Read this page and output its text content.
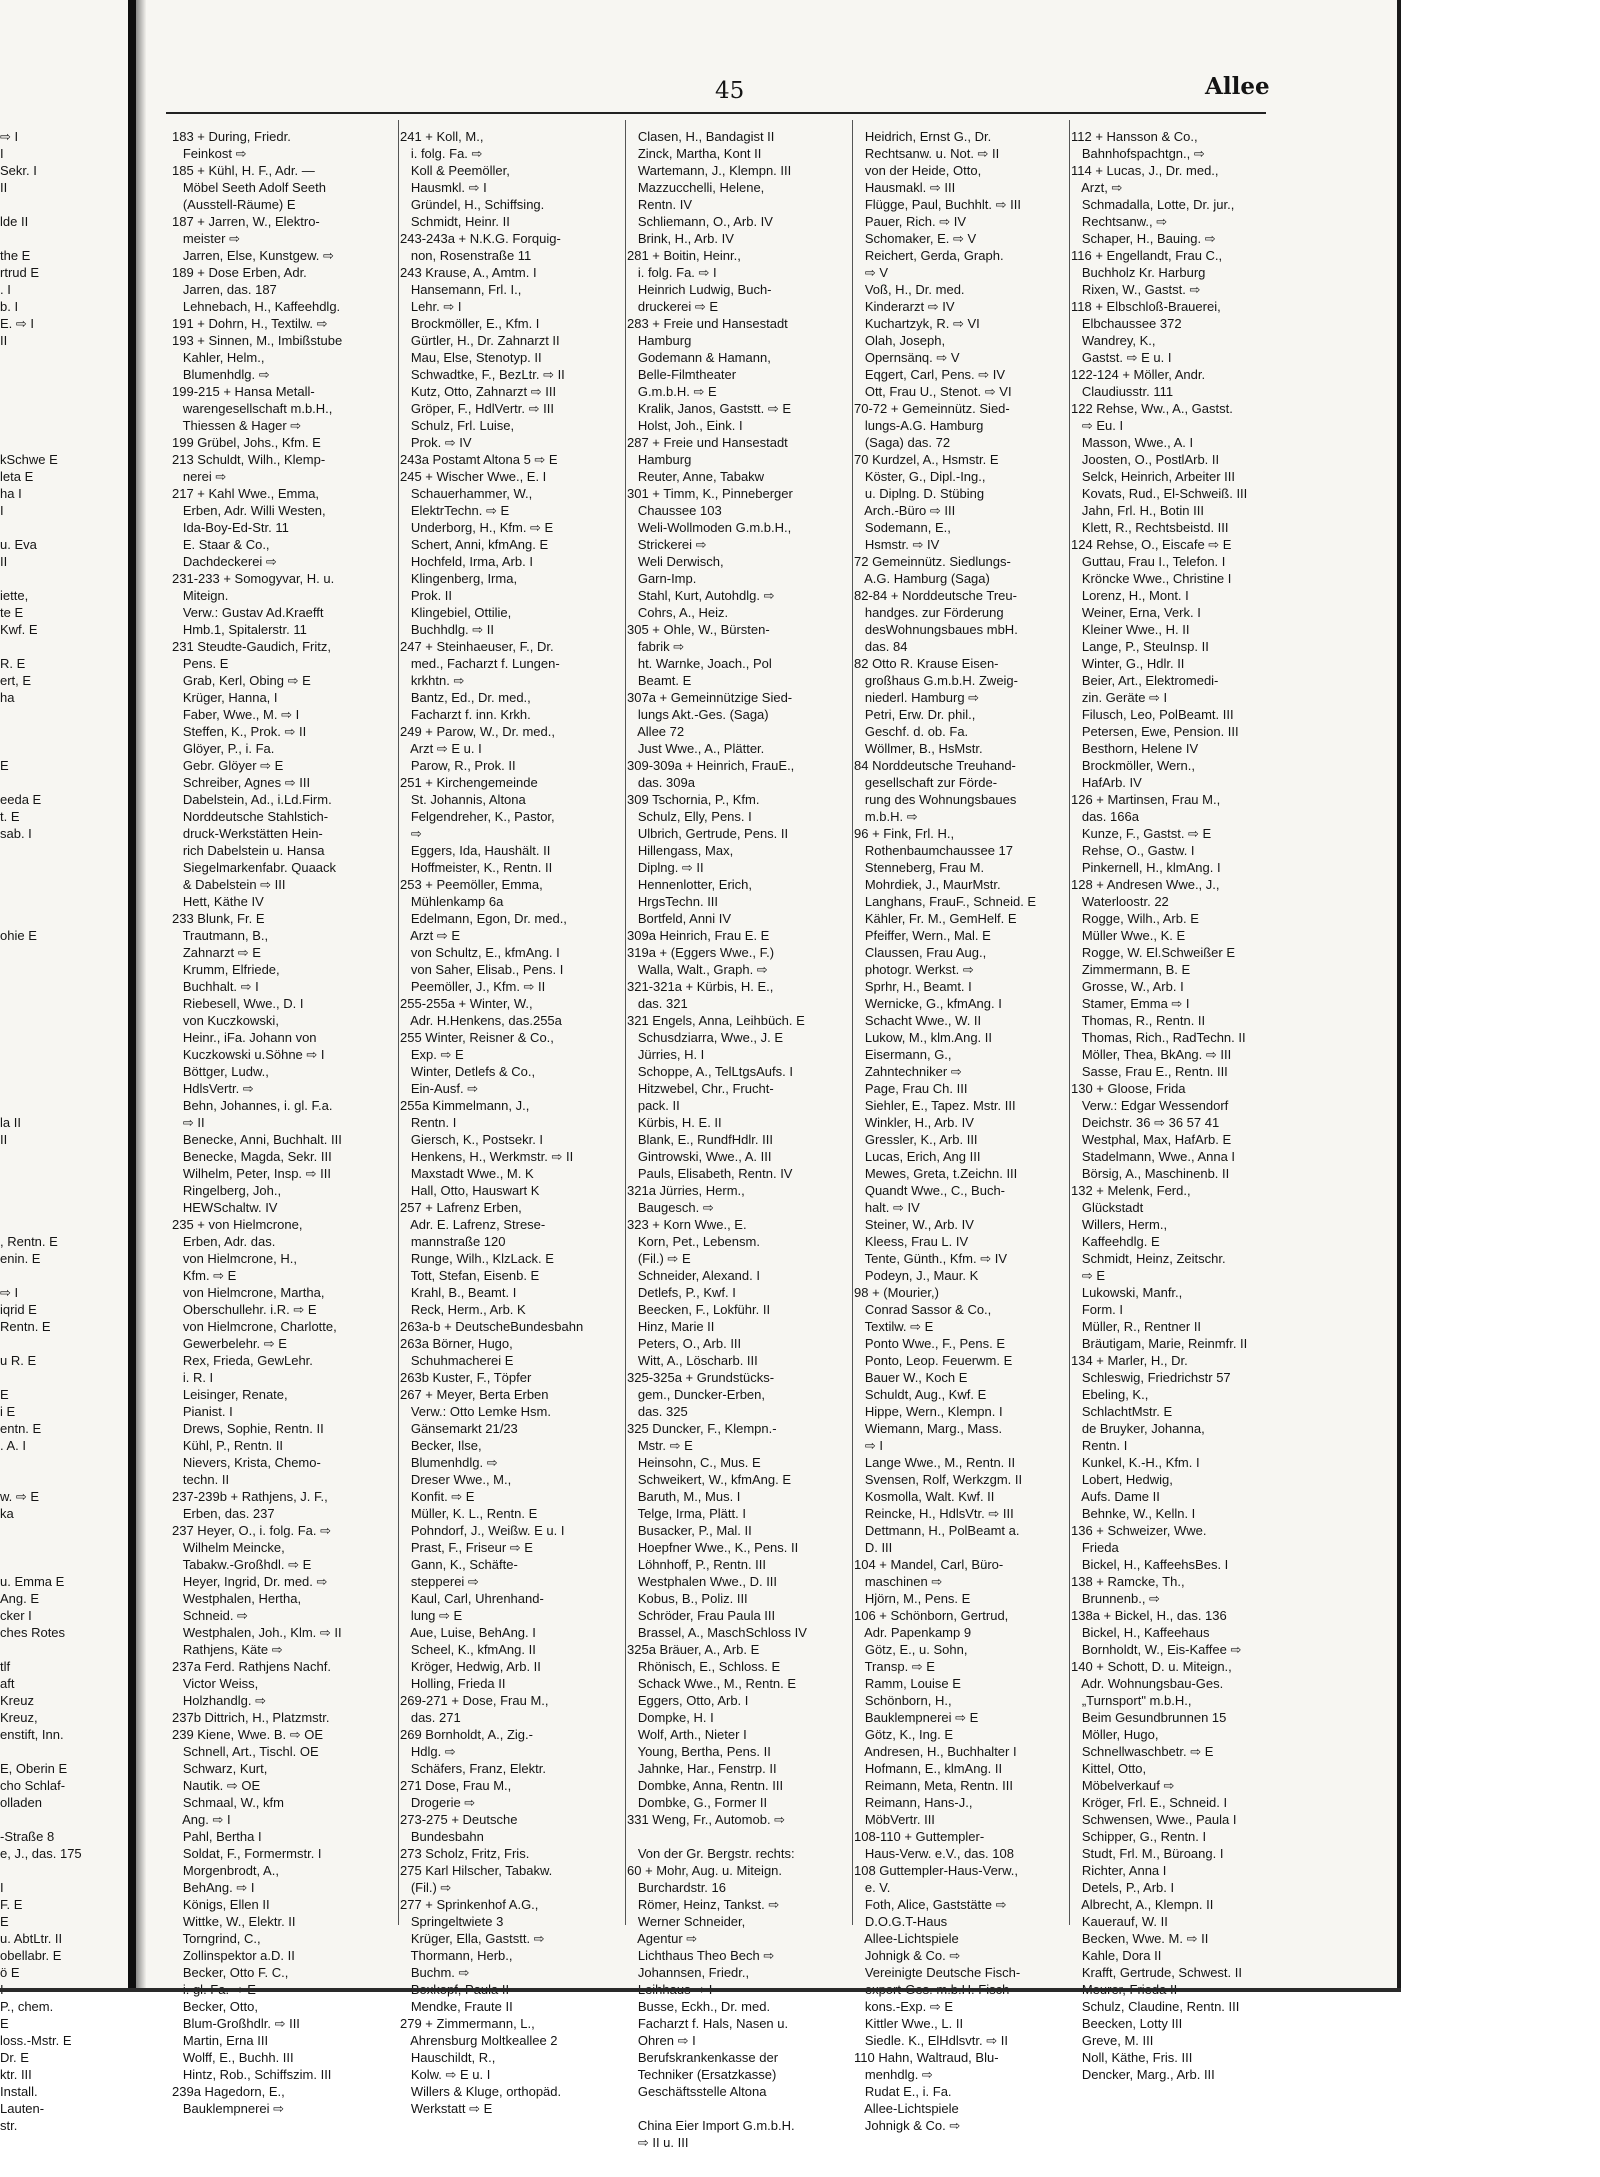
⇨ I
I
Sekr. I
II
lde II
the E
rtrud E
. I
b. I
E. ⇨ I
II
kSchwe E
leta E
ha I
I
u. Eva
II
iette,
te E
Kwf. E
R. E
ert, E
ha
E
eeda E
t. E
sab. I
ohie E
la II
II
, Rentn. E
enin. E
⇨ I
iqrid E
Rentn. E
u R. E
E
i E
entn. E
. A. I
w. ⇨ E
ka
u. Emma E
Ang. E
cker I
ches Rotes
tlf
aft
Kreuz
Kreuz,
enstift, Inn.
E, Oberin E
cho Schlaf-
olladen
-Straße 8
e, J., das. 175
I
F. E
E
u. AbtLtr. II
obellabr. E
ö E
P., chem.
E
loss.-Mstr. E
Dr. E
ktr. III
Install.
Lauten-
str.
45	Allee
183 + During, Friedr.
Feinkost ⇨
185 + Kühl, H. F., Adr. —
Möbel Seeth Adolf Seeth
(Ausstell-Räume) E
187 + Jarren, W., Elektro-
meister ⇨
Jarren, Else, Kunstgew. ⇨
189 + Dose Erben, Adr.
Jarren, das. 187
Lehnebach, H., Kaffeehdlg.
191 + Dohrn, H., Textilw. ⇨
193 + Sinnen, M., Imbißstube
Kahler, Helm.,
Blumenhdlg. ⇨
199-215 + Hansa Metall-
warengesellschaft m.b.H.,
Thiessen & Hager ⇨
199 Grübel, Johs., Kfm. E
213 Schuldt, Wilh., Klemp-
nerei ⇨
217 + Kahl Wwe., Emma,
Erben, Adr. Willi Westen,
Ida-Boy-Ed-Str. 11
E. Staar & Co.,
Dachdeckerei ⇨
231-233 + Somogyvar, H. u.
Miteign.
Verw.: Gustav Ad.Kraefft
Hmb.1, Spitalerstr. 11
231 Steudte-Gaudich, Fritz,
Pens. E
Grab, Kerl, Obing ⇨ E
Krüger, Hanna, I
Faber, Wwe., M. ⇨ I
Steffen, K., Prok. ⇨ II
Glöyer, P., i. Fa.
Gebr. Glöyer ⇨ E
Schreiber, Agnes ⇨ III
Dabelstein, Ad., i.Ld.Firm.
Norddeutsche Stahlstich-
druck-Werkstätten Hein-
rich Dabelstein u. Hansa
Siegelmarkenfabr. Quaack
& Dabelstein ⇨ III
Hett, Käthe IV
233 Blunk, Fr. E
Trautmann, B.,
Zahnarzt ⇨ E
Krumm, Elfriede,
Buchhalt. ⇨ I
Riebesell, Wwe., D. I
von Kuczkowski,
Heinr., iFa. Johann von
Kuczkowski u.Söhne ⇨ I
Böttger, Ludw.,
HdlsVertr. ⇨
Behn, Johannes, i. gl. F.a.
⇨ II
Benecke, Anni, Buchhalt. III
Benecke, Magda, Sekr. III
Wilhelm, Peter, Insp. ⇨ III
Ringelberg, Joh.,
HEWSchaltw. IV
235 + von Hielmcrone,
Erben, Adr. das.
von Hielmcrone, H.,
Kfm. ⇨ E
von Hielmcrone, Martha,
Oberschullehr. i.R. ⇨ E
von Hielmcrone, Charlotte,
Gewerbelehr. ⇨ E
Rex, Frieda, GewLehr.
i. R. I
Leisinger, Renate,
Pianist. I
Drews, Sophie, Rentn. II
Kühl, P., Rentn. II
Nievers, Krista, Chemo-
techn. II
237-239b + Rathjens, J. F.,
Erben, das. 237
237 Heyer, O., i. folg. Fa. ⇨
Wilhelm Meincke,
Tabakw.-Großhdl. ⇨ E
Heyer, Ingrid, Dr. med. ⇨
Westphalen, Hertha,
Schneid. ⇨
Westphalen, Joh., Klm. ⇨ II
Rathjens, Käte ⇨
237a Ferd. Rathjens Nachf.
Victor Weiss,
Holzhandlg. ⇨
237b Dittrich, H., Platzmstr.
239 Kiene, Wwe. B. ⇨ OE
Schnell, Art., Tischl. OE
Schwarz, Kurt,
Nautik. ⇨ OE
Schmaal, W., kfm
Ang. ⇨ I
Pahl, Bertha I
Soldat, F., Formermstr. I
Morgenbrodt, A.,
BehAng. ⇨ I
Königs, Ellen II
Wittke, W., Elektr. II
Torngrind, C.,
Zollinspektor a.D. II
Becker, Otto F. C.,
Becker, Otto,
Blum-Großhdlr. ⇨ III
Martin, Erna III
Wolff, E., Buchh. III
Hintz, Rob., Schiffszim. III
239a Hagedorn, E.,
Bauklempnerei ⇨
241 + Koll, M.,
i. folg. Fa. ⇨
Koll & Peemöller,
Hausmkl. ⇨ I
Gründel, H., Schiffsing.
Schmidt, Heinr. II
243-243a + N.K.G. Forquig-
non, Rosenstraße 11
243 Krause, A., Amtm. I
Hansemann, Frl. I.,
Lehr. ⇨ I
Brockmöller, E., Kfm. I
Gürtler, H., Dr. Zahnarzt II
Mau, Else, Stenotyp. II
Schwadtke, F., BezLtr. ⇨ II
Kutz, Otto, Zahnarzt ⇨ III
Gröper, F., HdlVertr. ⇨ III
Schulz, Frl. Luise,
Prok. ⇨ IV
243a Postamt Altona 5 ⇨ E
245 + Wischer Wwe., E. I
Schauerhammer, W.,
ElektrTechn. ⇨ E
Underborg, H., Kfm. ⇨ E
Schert, Anni, kfmAng. E
Hochfeld, Irma, Arb. I
Klingenberg, Irma,
Prok. II
Klingebiel, Ottilie,
Buchhdlg. ⇨ II
247 + Steinhaeuser, F., Dr.
med., Facharzt f. Lungen-
krkhtn. ⇨
Bantz, Ed., Dr. med.,
Facharzt f. inn. Krkh.
249 + Parow, W., Dr. med.,
Arzt ⇨ E u. I
Parow, R., Prok. II
251 + Kirchengemeinde
St. Johannis, Altona
Felgendreher, K., Pastor,
⇨
Eggers, Ida, Haushält. II
Hoffmeister, K., Rentn. II
253 + Peemöller, Emma,
Mühlenkamp 6a
Edelmann, Egon, Dr. med.,
Arzt ⇨ E
von Schultz, E., kfmAng. I
von Saher, Elisab., Pens. I
Peemöller, J., Kfm. ⇨ II
255-255a + Winter, W.,
Adr. H.Henkens, das.255a
255 Winter, Reisner & Co.,
Exp. ⇨ E
Winter, Detlefs & Co.,
Ein-Ausf. ⇨
255a Kimmelmann, J.,
Rentn. I
Giersch, K., Postsekr. I
Henkens, H., Werkmstr. ⇨ II
Maxstadt Wwe., M. K
Hall, Otto, Hauswart K
257 + Lafrenz Erben,
Adr. E. Lafrenz, Strese-
mannstraße 120
Runge, Wilh., KlzLack. E
Tott, Stefan, Eisenb. E
Krahl, B., Beamt. I
Reck, Herm., Arb. K
263a-b + DeutscheBundesbahn
263a Börner, Hugo,
Schuhmacherei E
263b Kuster, F., Töpfer
267 + Meyer, Berta Erben
Verw.: Otto Lemke Hsm.
Gänsemarkt 21/23
Becker, Ilse,
Blumenhdlg. ⇨
Dreser Wwe., M.,
Konfit. ⇨ E
Müller, K. L., Rentn. E
Pohndorf, J., Weißw. E u. I
Prast, F., Friseur ⇨ E
Gann, K., Schäfte-
stepperei ⇨
Kaul, Carl, Uhrenhand-
lung ⇨ E
Aue, Luise, BehAng. I
Scheel, K., kfmAng. II
Kröger, Hedwig, Arb. II
Holling, Frieda II
269-271 + Dose, Frau M.,
das. 271
269 Bornholdt, A., Zig.-
Hdlg. ⇨
Schäfers, Franz, Elektr.
271 Dose, Frau M.,
Drogerie ⇨
273-275 + Deutsche
Bundesbahn
273 Scholz, Fritz, Fris.
275 Karl Hilscher, Tabakw.
(Fil.) ⇨
277 + Sprinkenhof A.G.,
Springeltwiete 3
Krüger, Ella, Gaststt. ⇨
Thormann, Herb.,
Buchm. ⇨
Mendke, Fraute II
279 + Zimmermann, L.,
Ahrensburg Moltkeallee 2
Hauschildt, R.,
Kolw. ⇨ E u. I
Willers & Kluge, orthopäd.
Werkstatt ⇨ E
Clasen, H., Bandagist II
Zinck, Martha, Kont II
Wartemann, J., Klempn. III
Mazzucchelli, Helene,
Rentn. IV
Schliemann, O., Arb. IV
Brink, H., Arb. IV
281 + Boitin, Heinr.,
i. folg. Fa. ⇨ I
Heinrich Ludwig, Buch-
druckerei ⇨ E
283 + Freie und Hansestadt
Hamburg
Godemann & Hamann,
Belle-Filmtheater
G.m.b.H. ⇨ E
Kralik, Janos, Gaststt. ⇨ E
Holst, Joh., Eink. I
287 + Freie und Hansestadt
Hamburg
Reuter, Anne, Tabakw
301 + Timm, K., Pinneberger
Chaussee 103
Weli-Wollmoden G.m.b.H.,
Strickerei ⇨
Weli Derwisch,
Garn-Imp.
Stahl, Kurt, Autohdlg. ⇨
Cohrs, A., Heiz.
305 + Ohle, W., Bürsten-
fabrik ⇨
ht. Warnke, Joach., Pol
Beamt. E
307a + Gemeinnützige Sied-
lungs Akt.-Ges. (Saga)
Allee 72
Just Wwe., A., Plätter.
309-309a + Heinrich, FrauE.,
das. 309a
309 Tschornia, P., Kfm.
Schulz, Elly, Pens. I
Ulbrich, Gertrude, Pens. II
Hillengass, Max,
Diplng. ⇨ II
Hennenlotter, Erich,
HrgsTechn. III
Bortfeld, Anni IV
309a Heinrich, Frau E. E
319a + (Eggers Wwe., F.)
Walla, Walt., Graph. ⇨
321-321a + Kürbis, H. E.,
das. 321
321 Engels, Anna, Leihbüch. E
Schusdziarra, Wwe., J. E
Jürries, H. I
Schoppe, A., TelLtgsAufs. I
Hitzwebel, Chr., Frucht-
pack. II
Kürbis, H. E. II
Blank, E., RundfHdlr. III
Gintrowski, Wwe., A. III
Pauls, Elisabeth, Rentn. IV
321a Jürries, Herm.,
Baugesch. ⇨
323 + Korn Wwe., E.
Korn, Pet., Lebensm.
(Fil.) ⇨ E
Schneider, Alexand. I
Detlefs, P., Kwf. I
Beecken, F., Lokführ. II
Hinz, Marie II
Peters, O., Arb. III
Witt, A., Löscharb. III
325-325a + Grundstücks-
gem., Duncker-Erben,
das. 325
325 Duncker, F., Klempn.-
Mstr. ⇨ E
Heinsohn, C., Mus. E
Schweikert, W., kfmAng. E
Baruth, M., Mus. I
Telge, Irma, Plätt. I
Busacker, P., Mal. II
Hoepfner Wwe., K., Pens. II
Löhnhoff, P., Rentn. III
Westphalen Wwe., D. III
Kobus, B., Poliz. III
Schröder, Frau Paula III
Brassel, A., MaschSchloss IV
325a Bräuer, A., Arb. E
Rhönisch, E., Schloss. E
Schack Wwe., M., Rentn. E
Eggers, Otto, Arb. I
Dompke, H. I
Wolf, Arth., Nieter I
Young, Bertha, Pens. II
Jahnke, Har., Fenstrp. II
Dombke, Anna, Rentn. III
Dombke, G., Former II
331 Weng, Fr., Automob. ⇨
Von der Gr. Bergstr. rechts:
60 + Mohr, Aug. u. Miteign.
Burchardstr. 16
Römer, Heinz, Tankst. ⇨
Werner Schneider,
Agentur ⇨
Lichthaus Theo Bech ⇨
Johannsen, Friedr.,
Busse, Eckh., Dr. med.
Facharzt f. Hals, Nasen u.
Ohren ⇨ I
Berufskrankenkasse der
Techniker (Ersatzkasse)
Geschäftsstelle Altona
China Eier Import G.m.b.H.
⇨ II u. III
Heidrich, Ernst G., Dr.
Rechtsanw. u. Not. ⇨ II
von der Heide, Otto,
Hausmakl. ⇨ III
Flügge, Paul, Buchhlt. ⇨ III
Pauer, Rich. ⇨ IV
Schomaker, E. ⇨ V
Reichert, Gerda, Graph.
⇨ V
Voß, H., Dr. med.
Kinderarzt ⇨ IV
Kuchartzyk, R. ⇨ VI
Olah, Joseph,
Opernsänq. ⇨ V
Eqgert, Carl, Pens. ⇨ IV
Ott, Frau U., Stenot. ⇨ VI
70-72 + Gemeinnütz. Sied-
lungs-A.G. Hamburg
(Saga) das. 72
70 Kurdzel, A., Hsmstr. E
Köster, G., Dipl.-Ing.,
u. Diplng. D. Stübing
Arch.-Büro ⇨ III
Sodemann, E.,
Hsmstr. ⇨ IV
72 Gemeinnütz. Siedlungs-
A.G. Hamburg (Saga)
82-84 + Norddeutsche Treu-
handges. zur Förderung
desWohnungsbaues mbH.
das. 84
82 Otto R. Krause Eisen-
großhaus G.m.b.H. Zweig-
niederl. Hamburg ⇨
Petri, Erw. Dr. phil.,
Geschf. d. ob. Fa.
Wöllmer, B., HsMstr.
84 Norddeutsche Treuhand-
gesellschaft zur Förde-
rung des Wohnungsbaues
m.b.H. ⇨
96 + Fink, Frl. H.,
Rothenbaumchaussee 17
Stenneberg, Frau M.
Mohrdiek, J., MaurMstr.
Langhans, FrauF., Schneid. E
Kähler, Fr. M., GemHelf. E
Pfeiffer, Wern., Mal. E
Claussen, Frau Aug.,
photogr. Werkst. ⇨
Sprhr, H., Beamt. I
Wernicke, G., kfmAng. I
Schacht Wwe., W. II
Lukow, M., klm.Ang. II
Eisermann, G.,
Zahntechniker ⇨
Page, Frau Ch. III
Siehler, E., Tapez. Mstr. III
Winkler, H., Arb. IV
Gressler, K., Arb. III
Lucas, Erich, Ang III
Mewes, Greta, t.Zeichn. III
Quandt Wwe., C., Buch-
halt. ⇨ IV
Steiner, W., Arb. IV
Kleess, Frau L. IV
Tente, Günth., Kfm. ⇨ IV
Podeyn, J., Maur. K
98 + (Mourier,)
Conrad Sassor & Co.,
Textilw. ⇨ E
Ponto Wwe., F., Pens. E
Ponto, Leop. Feuerwm. E
Bauer W., Koch E
Schuldt, Aug., Kwf. E
Hippe, Wern., Klempn. I
Wiemann, Marg., Mass.
⇨ I
Lange Wwe., M., Rentn. II
Svensen, Rolf, Werkzgm. II
Kosmolla, Walt. Kwf. II
Reincke, H., HdlsVtr. ⇨ III
Dettmann, H., PolBeamt a.
D. III
104 + Mandel, Carl, Büro-
maschinen ⇨
Hjörn, M., Pens. E
106 + Schönborn, Gertrud,
Adr. Papenkamp 9
Götz, E., u. Sohn,
Transp. ⇨ E
Ramm, Louise E
Schönborn, H.,
Bauklempnerei ⇨ E
Götz, K., Ing. E
Andresen, H., Buchhalter I
Hofmann, E., klmAng. II
Reimann, Meta, Rentn. III
Reimann, Hans-J.,
MöbVertr. III
108-110 + Guttempler-
Haus-Verw. e.V., das. 108
108 Guttempler-Haus-Verw.,
e. V.
Foth, Alice, Gaststätte ⇨
D.O.G.T-Haus
Allee-Lichtspiele
Johnigk & Co. ⇨
Vereinigte Deutsche Fisch-
kons.-Exp. ⇨ E
Kittler Wwe., L. II
Siedle. K., ElHdlsvtr. ⇨ II
110 Hahn, Waltraud, Blu-
menhdlg. ⇨
Rudat E., i. Fa.
Allee-Lichtspiele
Johnigk & Co. ⇨
112 + Hansson & Co.,
Bahnhofspachtgn., ⇨
114 + Lucas, J., Dr. med.,
Arzt, ⇨
Schmadalla, Lotte, Dr. jur.,
Rechtsanw., ⇨
Schaper, H., Bauing. ⇨
116 + Engellandt, Frau C.,
Buchholz Kr. Harburg
Rixen, W., Gastst. ⇨
118 + Elbschloß-Brauerei,
Elbchaussee 372
Wandrey, K.,
Gastst. ⇨ E u. I
122-124 + Möller, Andr.
Claudiusstr. 111
122 Rehse, Ww., A., Gastst.
⇨ Eu. I
Masson, Wwe., A. I
Joosten, O., PostlArb. II
Selck, Heinrich, Arbeiter III
Kovats, Rud., El-Schweiß. III
Jahn, Frl. H., Botin III
Klett, R., Rechtsbeistd. III
124 Rehse, O., Eiscafe ⇨ E
Guttau, Frau I., Telefon. I
Kröncke Wwe., Christine I
Lorenz, H., Mont. I
Weiner, Erna, Verk. I
Kleiner Wwe., H. II
Lange, P., SteuInsp. II
Winter, G., Hdlr. II
Beier, Art., Elektromedi-
zin. Geräte ⇨ I
Filusch, Leo, PolBeamt. III
Petersen, Ewe, Pension. III
Besthorn, Helene IV
Brockmöller, Wern.,
HafArb. IV
126 + Martinsen, Frau M.,
das. 166a
Kunze, F., Gastst. ⇨ E
Rehse, O., Gastw. I
Pinkernell, H., klmAng. I
128 + Andresen Wwe., J.,
Waterloostr. 22
Rogge, Wilh., Arb. E
Müller Wwe., K. E
Rogge, W. El.Schweißer E
Zimmermann, B. E
Grosse, W., Arb. I
Stamer, Emma ⇨ I
Thomas, R., Rentn. II
Thomas, Rich., RadTechn. II
Möller, Thea, BkAng. ⇨ III
Sasse, Frau E., Rentn. III
130 + Gloose, Frida
Verw.: Edgar Wessendorf
Deichstr. 36 ⇨ 36 57 41
Westphal, Max, HafArb. E
Stadelmann, Wwe., Anna I
Börsig, A., Maschinenb. II
132 + Melenk, Ferd.,
Glückstadt
Willers, Herm.,
Kaffeehdlg. E
Schmidt, Heinz, Zeitschr.
⇨ E
Lukowski, Manfr.,
Form. I
Müller, R., Rentner II
Bräutigam, Marie, Reinmfr. II
134 + Marler, H., Dr.
Schleswig, Friedrichstr 57
Ebeling, K.,
SchlachtMstr. E
de Bruyker, Johanna,
Rentn. I
Kunkel, K.-H., Kfm. I
Lobert, Hedwig,
Aufs. Dame II
Behnke, W., Kelln. I
136 + Schweizer, Wwe.
Frieda
Bickel, H., KaffeehsBes. I
138 + Ramcke, Th.,
Brunnenb., ⇨
138a + Bickel, H., das. 136
Bickel, H., Kaffeehaus
Bornholdt, W., Eis-Kaffee ⇨
140 + Schott, D. u. Miteign.,
Adr. Wohnungsbau-Ges.
„Turnsport" m.b.H.,
Beim Gesundbrunnen 15
Möller, Hugo,
Schnellwaschbetr. ⇨ E
Kittel, Otto,
Möbelverkauf ⇨
Kröger, Frl. E., Schneid. I
Schwensen, Wwe., Paula I
Schipper, G., Rentn. I
Studt, Frl. M., Büroang. I
Richter, Anna I
Detels, P., Arb. I
Albrecht, A., Klempn. II
Kauerauf, W. II
Becken, Wwe. M. ⇨ II
Kahle, Dora II
Krafft, Gertrude, Schwest. II
Schulz, Claudine, Rentn. III
Beecken, Lotty III
Greve, M. III
Noll, Käthe, Fris. III
Dencker, Marg., Arb. III
